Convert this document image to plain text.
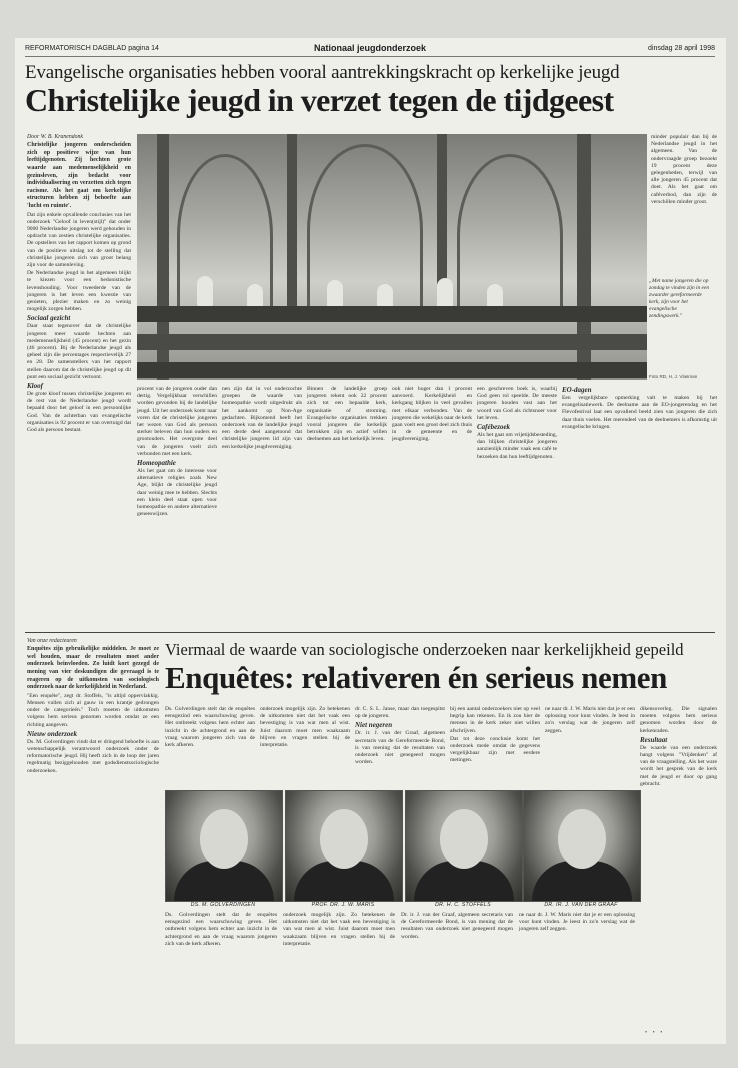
REFORMATORISCH DAGBLAD pagina 14	Nationaal jeugdonderzoek	dinsdag 28 april 1998
Evangelische organisaties hebben vooral aantrekkingskracht op kerkelijke jeugd
Christelijke jeugd in verzet tegen de tijdgeest

Door W. B. Kranendonk

Christelijke jongeren onderscheiden zich op positieve wijze van hun leeftijdgenoten. Zij hechten grote waarde aan medemenselijkheid en gezinsleven, zijn bedacht voor individualisering en verzetten zich tegen racisme. Als het gaat om kerkelijke structuren hebben zij behoefte aan 'lucht en ruimte'.

Dat zijn enkele opvallende conclusies van het onderzoek "Geloof in leven(stijl)" dat onder 9000 Nederlandse jongeren werd gehouden in opdracht van zestien christelijke organisaties. De opstellers van het rapport komen op grond van de positieve uitslag tot de stelling dat christelijke jongeren zich van groot belang zijn voor de samenleving.

De Nederlandse jeugd in het algemeen blijkt te kiezen voor een hedonistische levenshouding. Voor tweederde van de jongeren is het leven een kwestie van genieten, plezier maken en zo weinig mogelijk zorgen hebben.

Sociaal gezicht

Daar staat tegenover dat de christelijke jongeren meer waarde hechten aan medemenselijkheid (45 procent) en het gezin (46 procent). Bij de Nederlandse jeugd als geheel zijn die percentages respectievelijk 27 en 28. De samenstellers van het rapport stellen daarom dat de christelijke jeugd op dit punt een sociaal gezicht vertoont.

Kloof

De grote kloof tussen christelijke jongeren en de rest van de Nederlandse jeugd wordt bepaald door het geloof in een persoonlijke God. Van de achterban van evangelische organisaties is 92 procent er van overtuigd dat God als persoon bestaat.

„Met name jongeren die op zondag te vinden zijn in een zwaarder gereformeerde kerk, zijn voor het evangelische zendingswerk."
Foto RD, H. J. Vlasman

minder populair dan bij de Nederlandse jeugd in het algemeen. Van de ondervraagde groep bezoekt 19 procent deze gelegenheden, terwijl van alle jongeren 45 procent dat doet. Als het gaat om caféverbod, dan zijn de verschillen minder groot.

procent van de jongeren ouder dan dertig. Vergelijkbaar verschillen worden gevonden bij de landelijke jeugd. Uit het onderzoek komt naar voren dat de christelijke jongeren het wezen van God als persoon sterker beleven dan hun ouders en grootouders. Het overgrote deel van de jongeren voelt zich verbonden met een kerk.

Homeopathie

Als het gaat om de interesse voor alternatieve religies zoals New Age, blijkt de christelijke jeugd daar weinig mee te hebben. Slechts een klein deel staat open voor homeopathie en andere alternatieve geneeswijzen.

nen zijn dat in vol onderzochte groepen de waarde van homeopathie wordt uitgedrukt als het aankomt op Non-Age gedachten. Bijkomend heeft het onderzoek van de landelijke jeugd een derde deel aangetoond dat christelijke jongeren lid zijn van een kerkelijke jeugdvereniging.

Binnen de landelijke groep jongeren rekent ook 22 procent zich tot een bepaalde kerk, organisatie of stroming. Evangelische organisaties trekken vooral jongeren die kerkelijk betrokken zijn en actief willen deelnemen aan het kerkelijk leven.

ook niet hoger dan 1 procent aanvoerd. Kerkelijkheid en kerkgang blijken in veel gevallen met elkaar verbonden. Van de jongeren die wekelijks naar de kerk gaan voelt een groot deel zich thuis in de gemeente en de jeugdvereniging.

een geschreven boek is, waarbij God geen rol speelde. De meeste jongeren houden vast aan het woord van God als richtsnoer voor het leven.

Cafébezoek

Als het gaat om vrijetijdsbesteding, dan blijken christelijke jongeren aanzienlijk minder vaak een café te bezoeken dan hun leeftijdgenoten.

EO-dagen

Een vergelijkbare opmerking valt te maken bij het evangelisatiewerk. De deelname aan de EO-jongerendag en het Flevofestival laat een opvallend beeld zien van jongeren die zich daar thuis voelen. Het merendeel van de deelnemers is afkomstig uit evangelische kringen.

Viermaal de waarde van sociologische onderzoeken naar kerkelijkheid gepeild
Enquêtes: relativeren én serieus nemen

Van onze redacteuren

Enquêtes zijn gebruikelijke middelen. Je moet ze wel houden, maar de resultaten moet ander onderzoek beinvloeden. Zo luidt kort gezegd de mening van vier deskundigen die gevraagd is te reageren op de uitkomsten van sociologisch onderzoek naar de kerkelijkheid in Nederland.

"Een enquête", zegt dr. Stoffels, "is altijd oppervlakkig. Mensen vullen zich al gauw in een krantje gedrongen onder de categorieën." Toch moeten de uitkomsten volgens hem serieus genomen worden omdat ze een richting aangeven.

Nieuw onderzoek

Ds. M. Golverdingen vindt dat er dringend behoefte is aan wetenschappelijk verantwoord onderzoek onder de reformatorische jeugd. Hij heeft zich in de loop der jaren regelmatig beziggehouden met godsdienstsociologische onderzoeken.

Ds. Golverdingen stelt dat de enquêtes eensgezind een waarschuwing geven. Het ontbreekt volgens hem echter aan inzicht in de achtergrond en aan de vraag waarom jongeren zich van de kerk afkeren.

onderzoek mogelijk zijn. Zo betekenen de uitkomsten niet dat het vaak een bevestiging is van wat men al wist. Juist daarom moet men waakzaam blijven en vragen stellen bij de interpretatie.

dr. C. S. L. Janse, maar dan toegespitst op de jongeren.

Niet negeren

Dr. ir. J. van der Graaf, algemeen secretaris van de Gereformeerde Bond, is van mening dat de resultaten van onderzoek niet genegeerd mogen worden.

bij een aantal onderzoekers niet op veel begrip kan rekenen. En ik zou hier de mensen in de kerk zeker niet willen afschrijven.

Dat tot deze conclusie komt het onderzoek mede omdat de gegevens vergelijkbaar zijn met eerdere metingen.

ne naar dr. J. W. Maris niet dat je er een oplossing voor kunt vinden. Je leest in zo'n verslag wat de jongeren zelf zeggen.

dikensoverleg. Die signalen moeten volgens hem serieus genomen worden door de kerkenraden.

Resultaat

De waarde van een onderzoek hangt volgens "Vrijdenken" af van de vraagstelling. Als het ware wordt het gesprek van de kerk met de jeugd er door op gang gebracht.

DS. M. GOLVERDINGEN	PROF. DR. J. W. MARIS	DR. H. C. STOFFELS	DR. IR. J. VAN DER GRAAF

Ds. Golverdingen stelt dat de enquêtes eensgezind een waarschuwing geven. Het ontbreekt volgens hem echter aan inzicht in de achtergrond en aan de vraag waarom jongeren zich van de kerk afkeren.

onderzoek mogelijk zijn. Zo betekenen de uitkomsten niet dat het vaak een bevestiging is van wat men al wist. Juist daarom moet men waakzaam blijven en vragen stellen bij de interpretatie.

Dr. ir. J. van der Graaf, algemeen secretaris van de Gereformeerde Bond, is van mening dat de resultaten van onderzoek niet genegeerd mogen worden.

ne naar dr. J. W. Maris niet dat je er een oplossing voor kunt vinden. Je leest in zo'n verslag wat de jongeren zelf zeggen.

• • •
